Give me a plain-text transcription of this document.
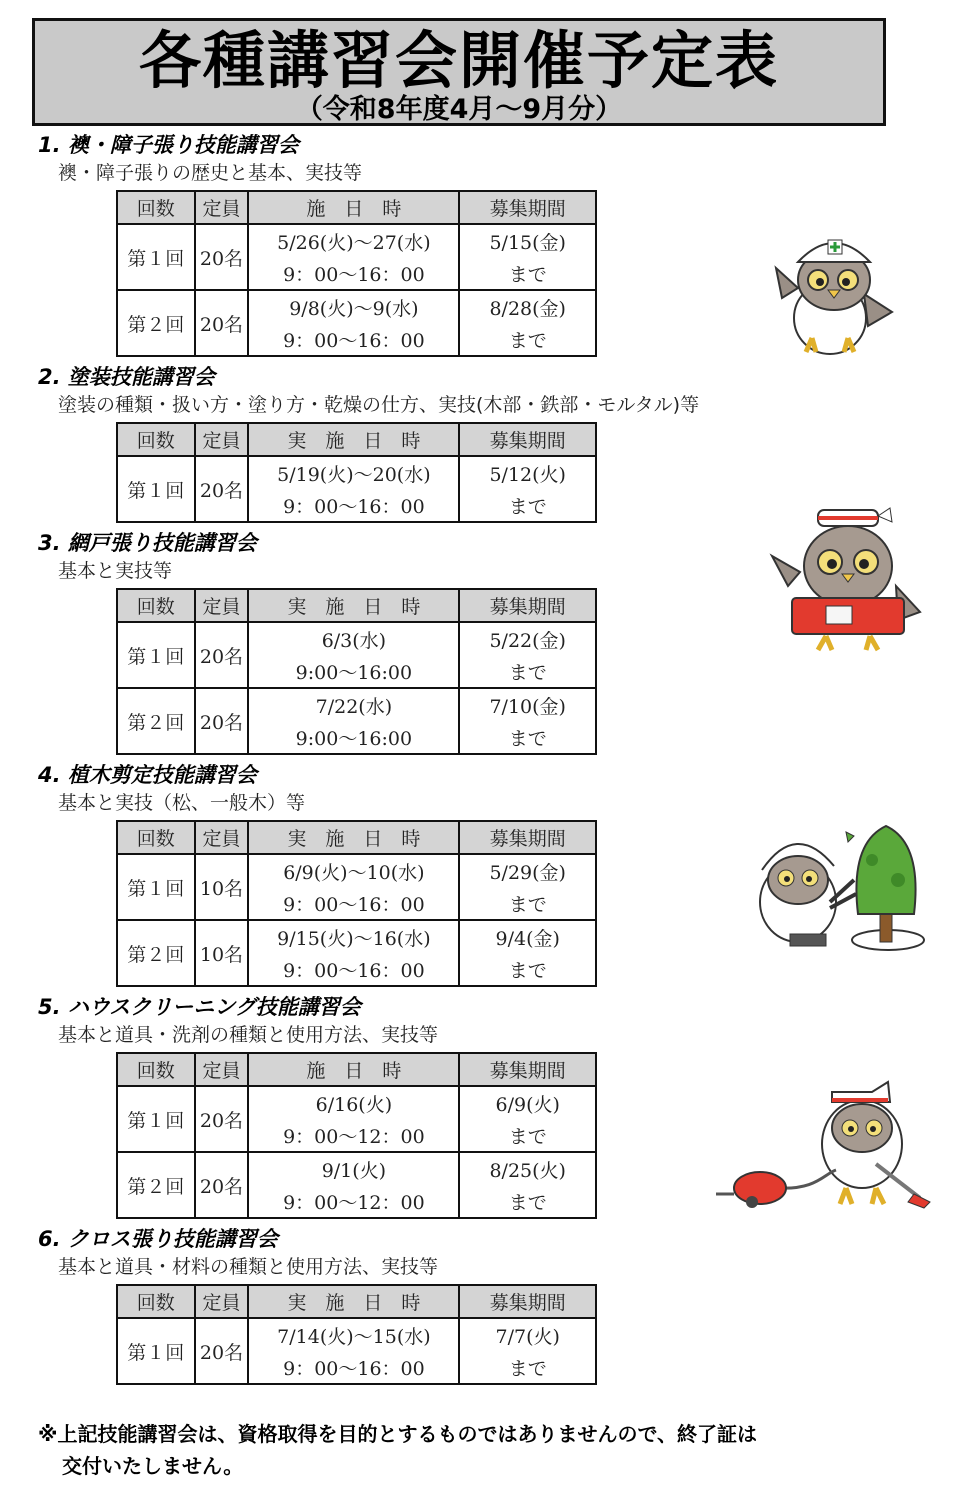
各種講習会開催予定表
（令和8年度4月～9月分）
1. 襖・障子張り技能講習会
襖・障子張りの歴史と基本、実技等
回数	定員	施　日　時	募集期間
第１回	20名	5/26(火)～27(水)	5/15(金)
		9：00～16：00	まで
第２回	20名	9/8(火)～9(水)	8/28(金)
		9：00～16：00	まで
2. 塗装技能講習会
塗装の種類・扱い方・塗り方・乾燥の仕方、実技(木部・鉄部・モルタル)等
回数	定員	実　施　日　時	募集期間
第１回	20名	5/19(火)～20(水)	5/12(火)
		9：00～16：00	まで
3. 網戸張り技能講習会
基本と実技等
回数	定員	実　施　日　時	募集期間
第１回	20名	6/3(水)	5/22(金)
		9:00～16:00	まで
第２回	20名	7/22(水)	7/10(金)
		9:00～16:00	まで
4. 植木剪定技能講習会
基本と実技（松、一般木）等
回数	定員	実　施　日　時	募集期間
第１回	10名	6/9(火)～10(水)	5/29(金)
		9：00～16：00	まで
第２回	10名	9/15(火)～16(水)	9/4(金)
		9：00～16：00	まで
5. ハウスクリーニング技能講習会
基本と道具・洗剤の種類と使用方法、実技等
回数	定員	施　日　時	募集期間
第１回	20名	6/16(火)	6/9(火)
		9：00～12：00	まで
第２回	20名	9/1(火)	8/25(火)
		9：00～12：00	まで
6. クロス張り技能講習会
基本と道具・材料の種類と使用方法、実技等
回数	定員	実　施　日　時	募集期間
第１回	20名	7/14(火)～15(水)	7/7(火)
		9：00～16：00	まで
※上記技能講習会は、資格取得を目的とするものではありませんので、終了証は
交付いたしません。
